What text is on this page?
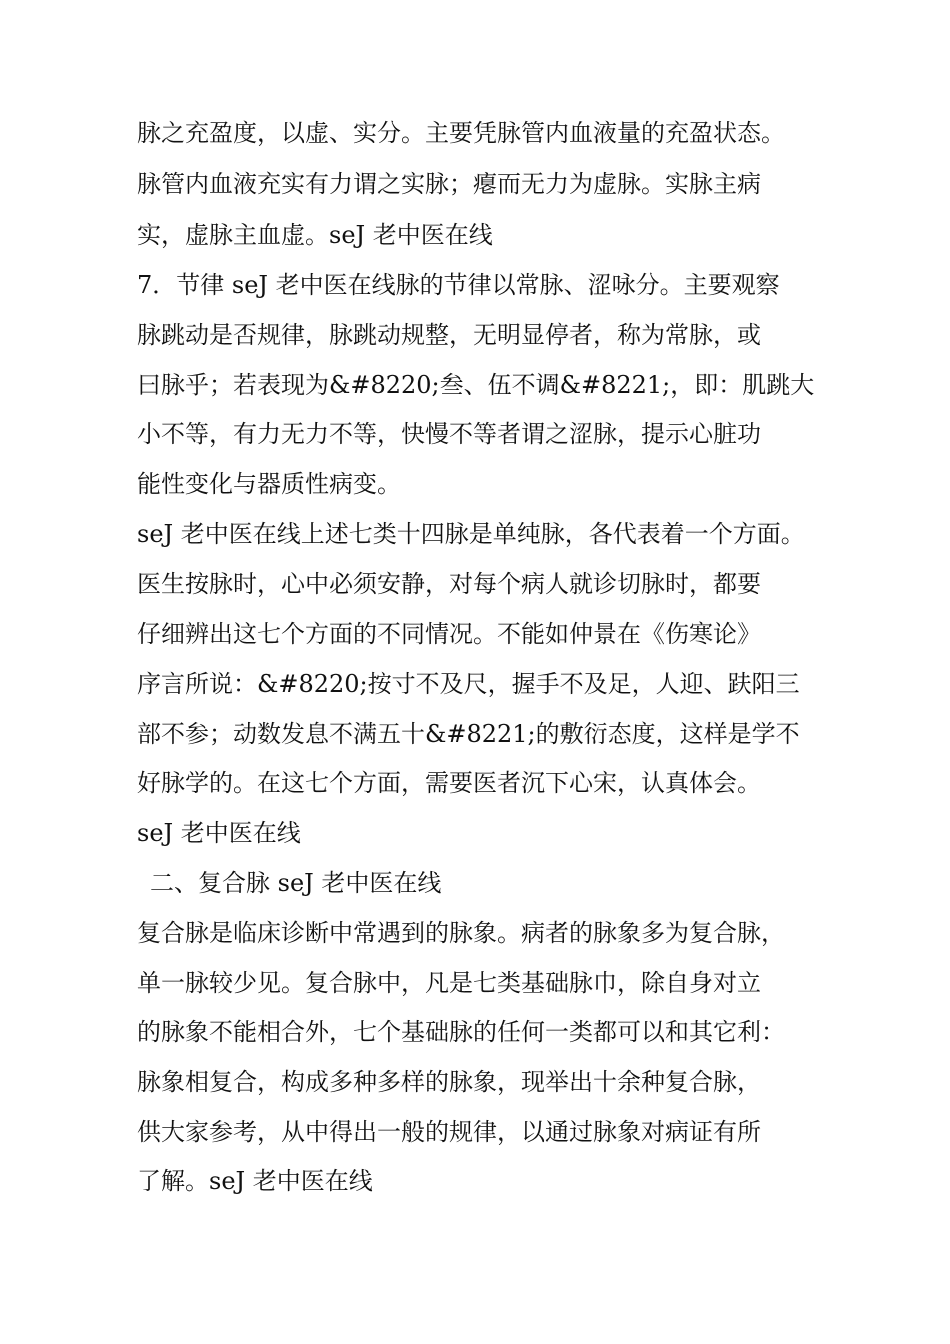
脉之充盈度，以虚、实分。主要凭脉管内血液量的充盈状态。
脉管内血液充实有力谓之实脉；瘪而无力为虚脉。实脉主病
实，虚脉主血虚。seJ 老中医在线
7．节律 seJ 老中医在线脉的节律以常脉、涩咏分。主要观察
脉跳动是否规律，脉跳动规整，无明显停者，称为常脉，或
曰脉乎；若表现为&#8220;叁、伍不调&#8221;，即：肌跳大
小不等，有力无力不等，快慢不等者谓之涩脉，提示心脏功
能性变化与器质性病变。
seJ 老中医在线上述七类十四脉是单纯脉，各代表着一个方面。
医生按脉时，心中必须安静，对每个病人就诊切脉时，都要
仔细辨出这七个方面的不同情况。不能如仲景在《伤寒论》
序言所说：&#8220;按寸不及尺，握手不及足，人迎、趺阳三
部不参；动数发息不满五十&#8221;的敷衍态度，这样是学不
好脉学的。在这七个方面，需要医者沉下心宋，认真体会。
seJ 老中医在线
二、复合脉 seJ 老中医在线
复合脉是临床诊断中常遇到的脉象。病者的脉象多为复合脉，
单一脉较少见。复合脉中，凡是七类基础脉巾，除自身对立
的脉象不能相合外，七个基础脉的任何一类都可以和其它利：
脉象相复合，构成多种多样的脉象，现举出十余种复合脉，
供大家参考，从中得出一般的规律，以通过脉象对病证有所
了解。seJ 老中医在线
